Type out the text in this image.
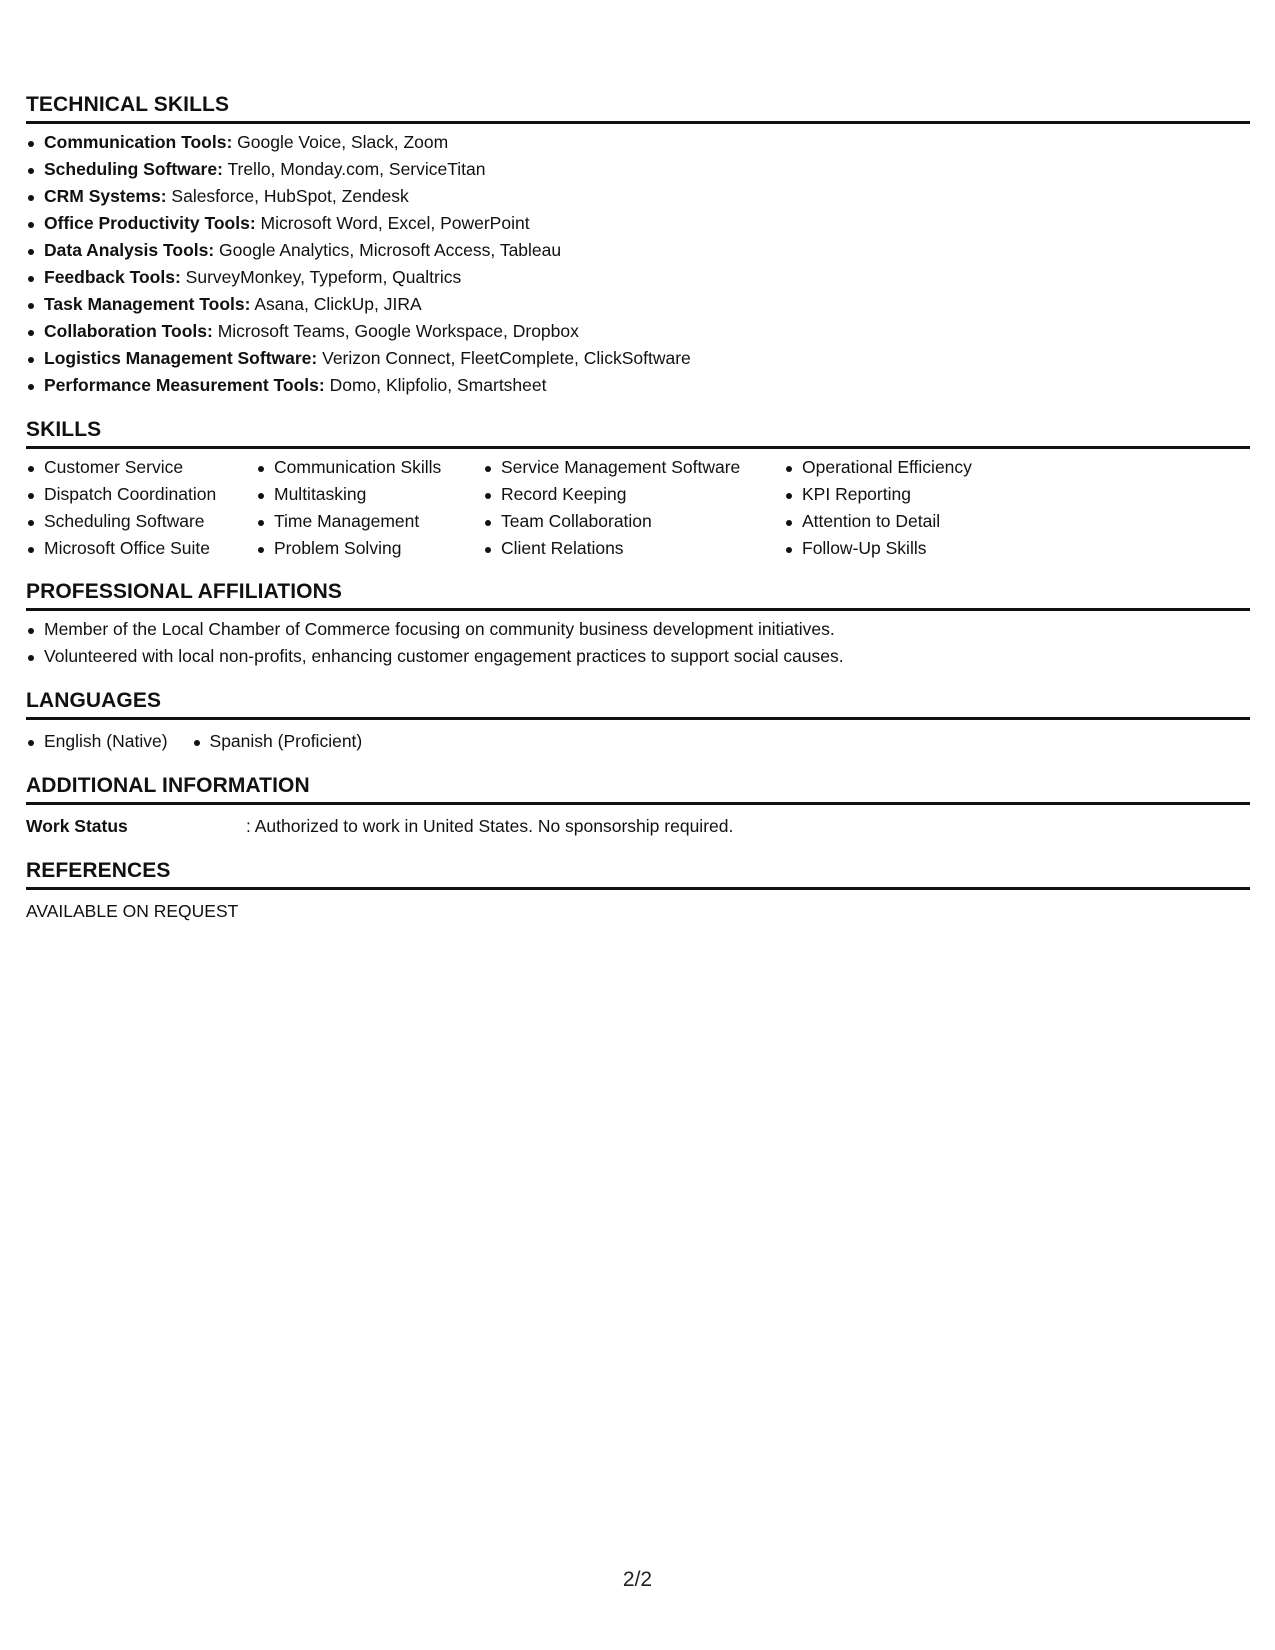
TECHNICAL SKILLS
Communication Tools: Google Voice, Slack, Zoom
Scheduling Software: Trello, Monday.com, ServiceTitan
CRM Systems: Salesforce, HubSpot, Zendesk
Office Productivity Tools: Microsoft Word, Excel, PowerPoint
Data Analysis Tools: Google Analytics, Microsoft Access, Tableau
Feedback Tools: SurveyMonkey, Typeform, Qualtrics
Task Management Tools: Asana, ClickUp, JIRA
Collaboration Tools: Microsoft Teams, Google Workspace, Dropbox
Logistics Management Software: Verizon Connect, FleetComplete, ClickSoftware
Performance Measurement Tools: Domo, Klipfolio, Smartsheet
SKILLS
Customer Service
Dispatch Coordination
Scheduling Software
Microsoft Office Suite
Communication Skills
Multitasking
Time Management
Problem Solving
Service Management Software
Record Keeping
Team Collaboration
Client Relations
Operational Efficiency
KPI Reporting
Attention to Detail
Follow-Up Skills
PROFESSIONAL AFFILIATIONS
Member of the Local Chamber of Commerce focusing on community business development initiatives.
Volunteered with local non-profits, enhancing customer engagement practices to support social causes.
LANGUAGES
English (Native)	Spanish (Proficient)
ADDITIONAL INFORMATION
Work Status	: Authorized to work in United States. No sponsorship required.
REFERENCES
AVAILABLE ON REQUEST
2/2
